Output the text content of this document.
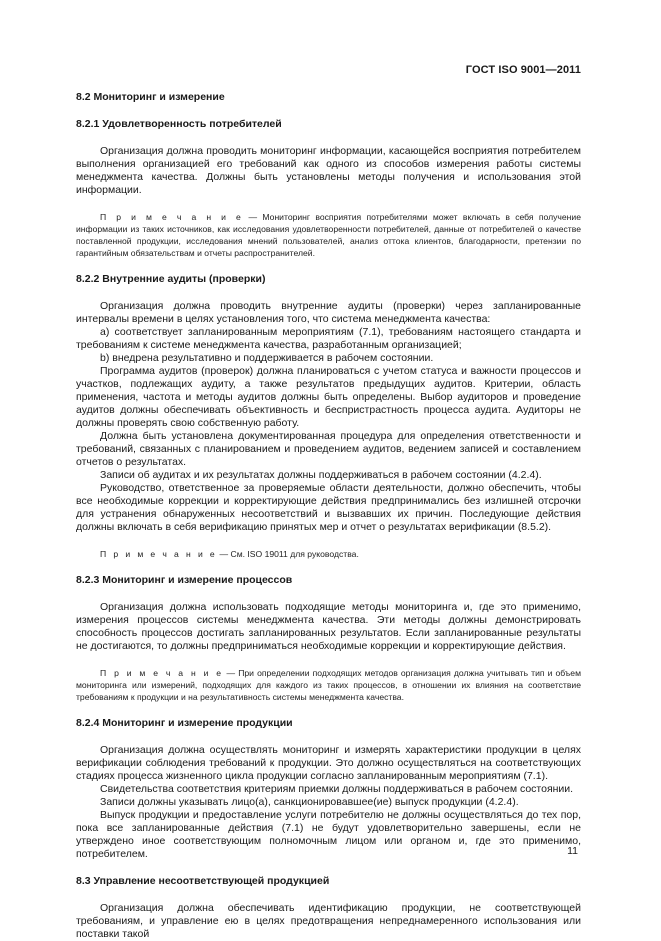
ГОСТ ISO 9001—2011
8.2 Мониторинг и измерение
8.2.1 Удовлетворенность потребителей

Организация должна проводить мониторинг информации, касающейся восприятия потребителем выполнения организацией его требований как одного из способов измерения работы системы менеджмента качества. Должны быть установлены методы получения и использования этой информации.

П р и м е ч а н и е — Мониторинг восприятия потребителями может включать в себя получение информации из таких источников, как исследования удовлетворенности потребителей, данные от потребителей о качестве поставленной продукции, исследования мнений пользователей, анализ оттока клиентов, благодарности, претензии по гарантийным обязательствам и отчеты распространителей.
8.2.2 Внутренние аудиты (проверки)

Организация должна проводить внутренние аудиты (проверки) через запланированные интервалы времени в целях установления того, что система менеджмента качества:

a) соответствует запланированным мероприятиям (7.1), требованиям настоящего стандарта и требованиям к системе менеджмента качества, разработанным организацией;

b) внедрена результативно и поддерживается в рабочем состоянии.

Программа аудитов (проверок) должна планироваться с учетом статуса и важности процессов и участков, подлежащих аудиту, а также результатов предыдущих аудитов. Критерии, область применения, частота и методы аудитов должны быть определены. Выбор аудиторов и проведение аудитов должны обеспечивать объективность и беспристрастность процесса аудита. Аудиторы не должны проверять свою собственную работу.

Должна быть установлена документированная процедура для определения ответственности и требований, связанных с планированием и проведением аудитов, ведением записей и составлением отчетов о результатах.

Записи об аудитах и их результатах должны поддерживаться в рабочем состоянии (4.2.4).

Руководство, ответственное за проверяемые области деятельности, должно обеспечить, чтобы все необходимые коррекции и корректирующие действия предпринимались без излишней отсрочки для устранения обнаруженных несоответствий и вызвавших их причин. Последующие действия должны включать в себя верификацию принятых мер и отчет о результатах верификации (8.5.2).

П р и м е ч а н и е — См. ISO 19011 для руководства.
8.2.3 Мониторинг и измерение процессов

Организация должна использовать подходящие методы мониторинга и, где это применимо, измерения процессов системы менеджмента качества. Эти методы должны демонстрировать способность процессов достигать запланированных результатов. Если запланированные результаты не достигаются, то должны предприниматься необходимые коррекции и корректирующие действия.

П р и м е ч а н и е — При определении подходящих методов организация должна учитывать тип и объем мониторинга или измерений, подходящих для каждого из таких процессов, в отношении их влияния на соответствие требованиям к продукции и на результативность системы менеджмента качества.
8.2.4 Мониторинг и измерение продукции

Организация должна осуществлять мониторинг и измерять характеристики продукции в целях верификации соблюдения требований к продукции. Это должно осуществляться на соответствующих стадиях процесса жизненного цикла продукции согласно запланированным мероприятиям (7.1).

Свидетельства соответствия критериям приемки должны поддерживаться в рабочем состоянии.

Записи должны указывать лицо(а), санкционировавшее(ие) выпуск продукции (4.2.4).

Выпуск продукции и предоставление услуги потребителю не должны осуществляться до тех пор, пока все запланированные действия (7.1) не будут удовлетворительно завершены, если не утверждено иное соответствующим полномочным лицом или органом и, где это применимо, потребителем.

8.3 Управление несоответствующей продукцией

Организация должна обеспечивать идентификацию продукции, не соответствующей требованиям, и управление ею в целях предотвращения непреднамеренного использования или поставки такой

11
